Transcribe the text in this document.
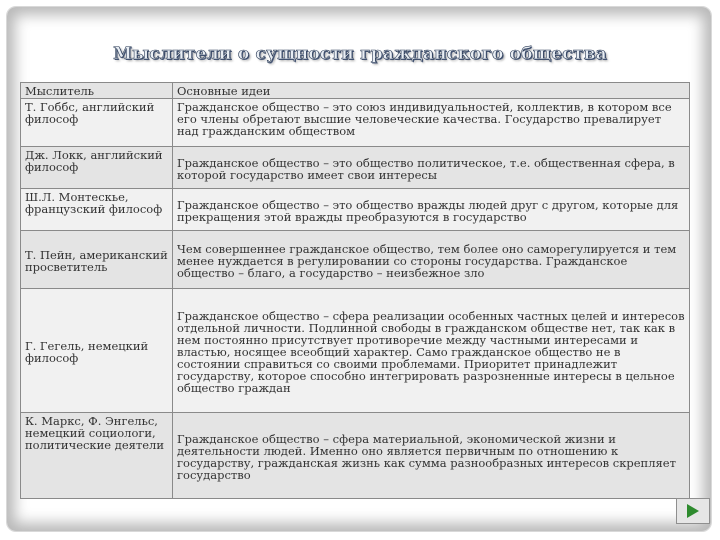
Мыслители о сущности гражданского общества
Мыслитель	Основные идеи
Т. Гоббс, английский философ	Гражданское общество – это союз индивидуальностей, коллектив, в котором все его члены обретают высшие человеческие качества. Государство превалирует над гражданским обществом
Дж. Локк, английский философ	Гражданское общество – это общество политическое, т.е. общественная сфера, в которой государство имеет свои интересы
Ш.Л. Монтескье, французский философ	Гражданское общество – это общество вражды людей друг с другом, которые для прекращения этой вражды преобразуются в государство
Т. Пейн, американский просветитель	Чем совершеннее гражданское общество, тем более оно саморегулируется и тем менее нуждается в регулировании со стороны государства. Гражданское общество – благо, а государство – неизбежное зло
Г. Гегель, немецкий философ	Гражданское общество – сфера реализации особенных частных целей и интересов отдельной личности. Подлинной свободы в гражданском обществе нет, так как в нем постоянно присутствует противоречие между частными интересами и властью, носящее всеобщий характер. Само гражданское общество не в состоянии справиться со своими проблемами. Приоритет принадлежит государству, которое способно интегрировать разрозненные интересы в цельное общество граждан
К. Маркс, Ф. Энгельс, немецкий социологи, политические деятели	Гражданское общество – сфера материальной, экономической жизни и деятельности людей. Именно оно является первичным по отношению к государству, гражданская жизнь как сумма разнообразных интересов скрепляет государство
